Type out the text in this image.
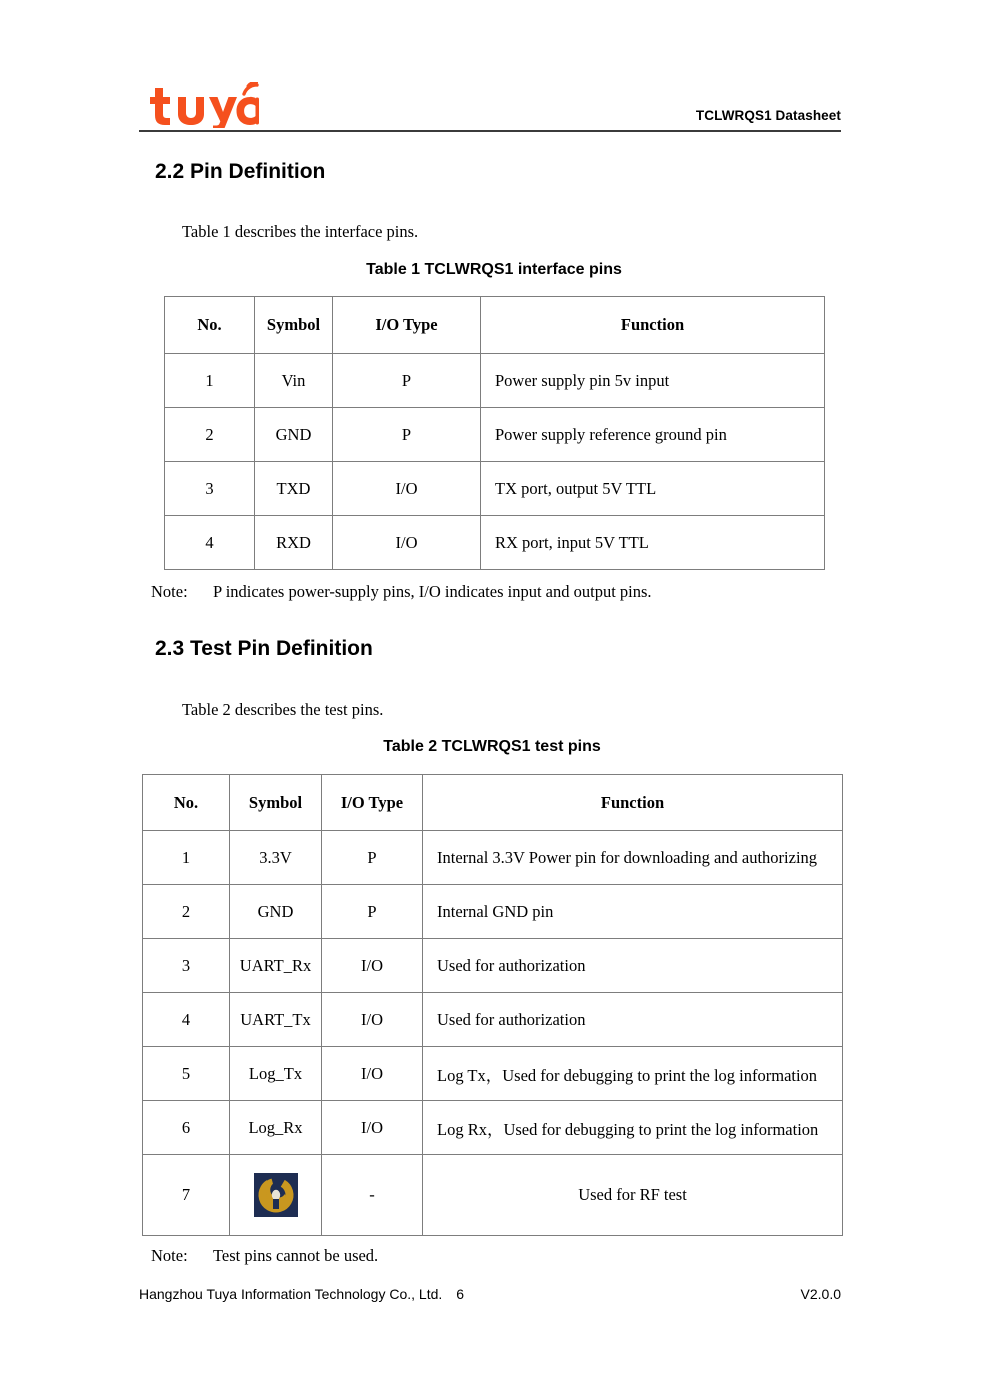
TCLWRQS1 Datasheet
2.2 Pin Definition
Table 1 describes the interface pins.
Table 1 TCLWRQS1 interface pins
No.	Symbol	I/O Type	Function
1	Vin	P	Power supply pin 5v input
2	GND	P	Power supply reference ground pin
3	TXD	I/O	TX port, output 5V TTL
4	RXD	I/O	RX port, input 5V TTL
Note: P indicates power-supply pins, I/O indicates input and output pins.
2.3 Test Pin Definition
Table 2 describes the test pins.
Table 2 TCLWRQS1 test pins
No.	Symbol	I/O Type	Function
1	3.3V	P	Internal 3.3V Power pin for downloading and authorizing
2	GND	P	Internal GND pin
3	UART_Rx	I/O	Used for authorization
4	UART_Tx	I/O	Used for authorization
5	Log_Tx	I/O	Log Tx，Used for debugging to print the log information
6	Log_Rx	I/O	Log Rx，Used for debugging to print the log information
7		-	Used for RF test
Note: Test pins cannot be used.
Hangzhou Tuya Information Technology Co., Ltd. 6	V2.0.0
